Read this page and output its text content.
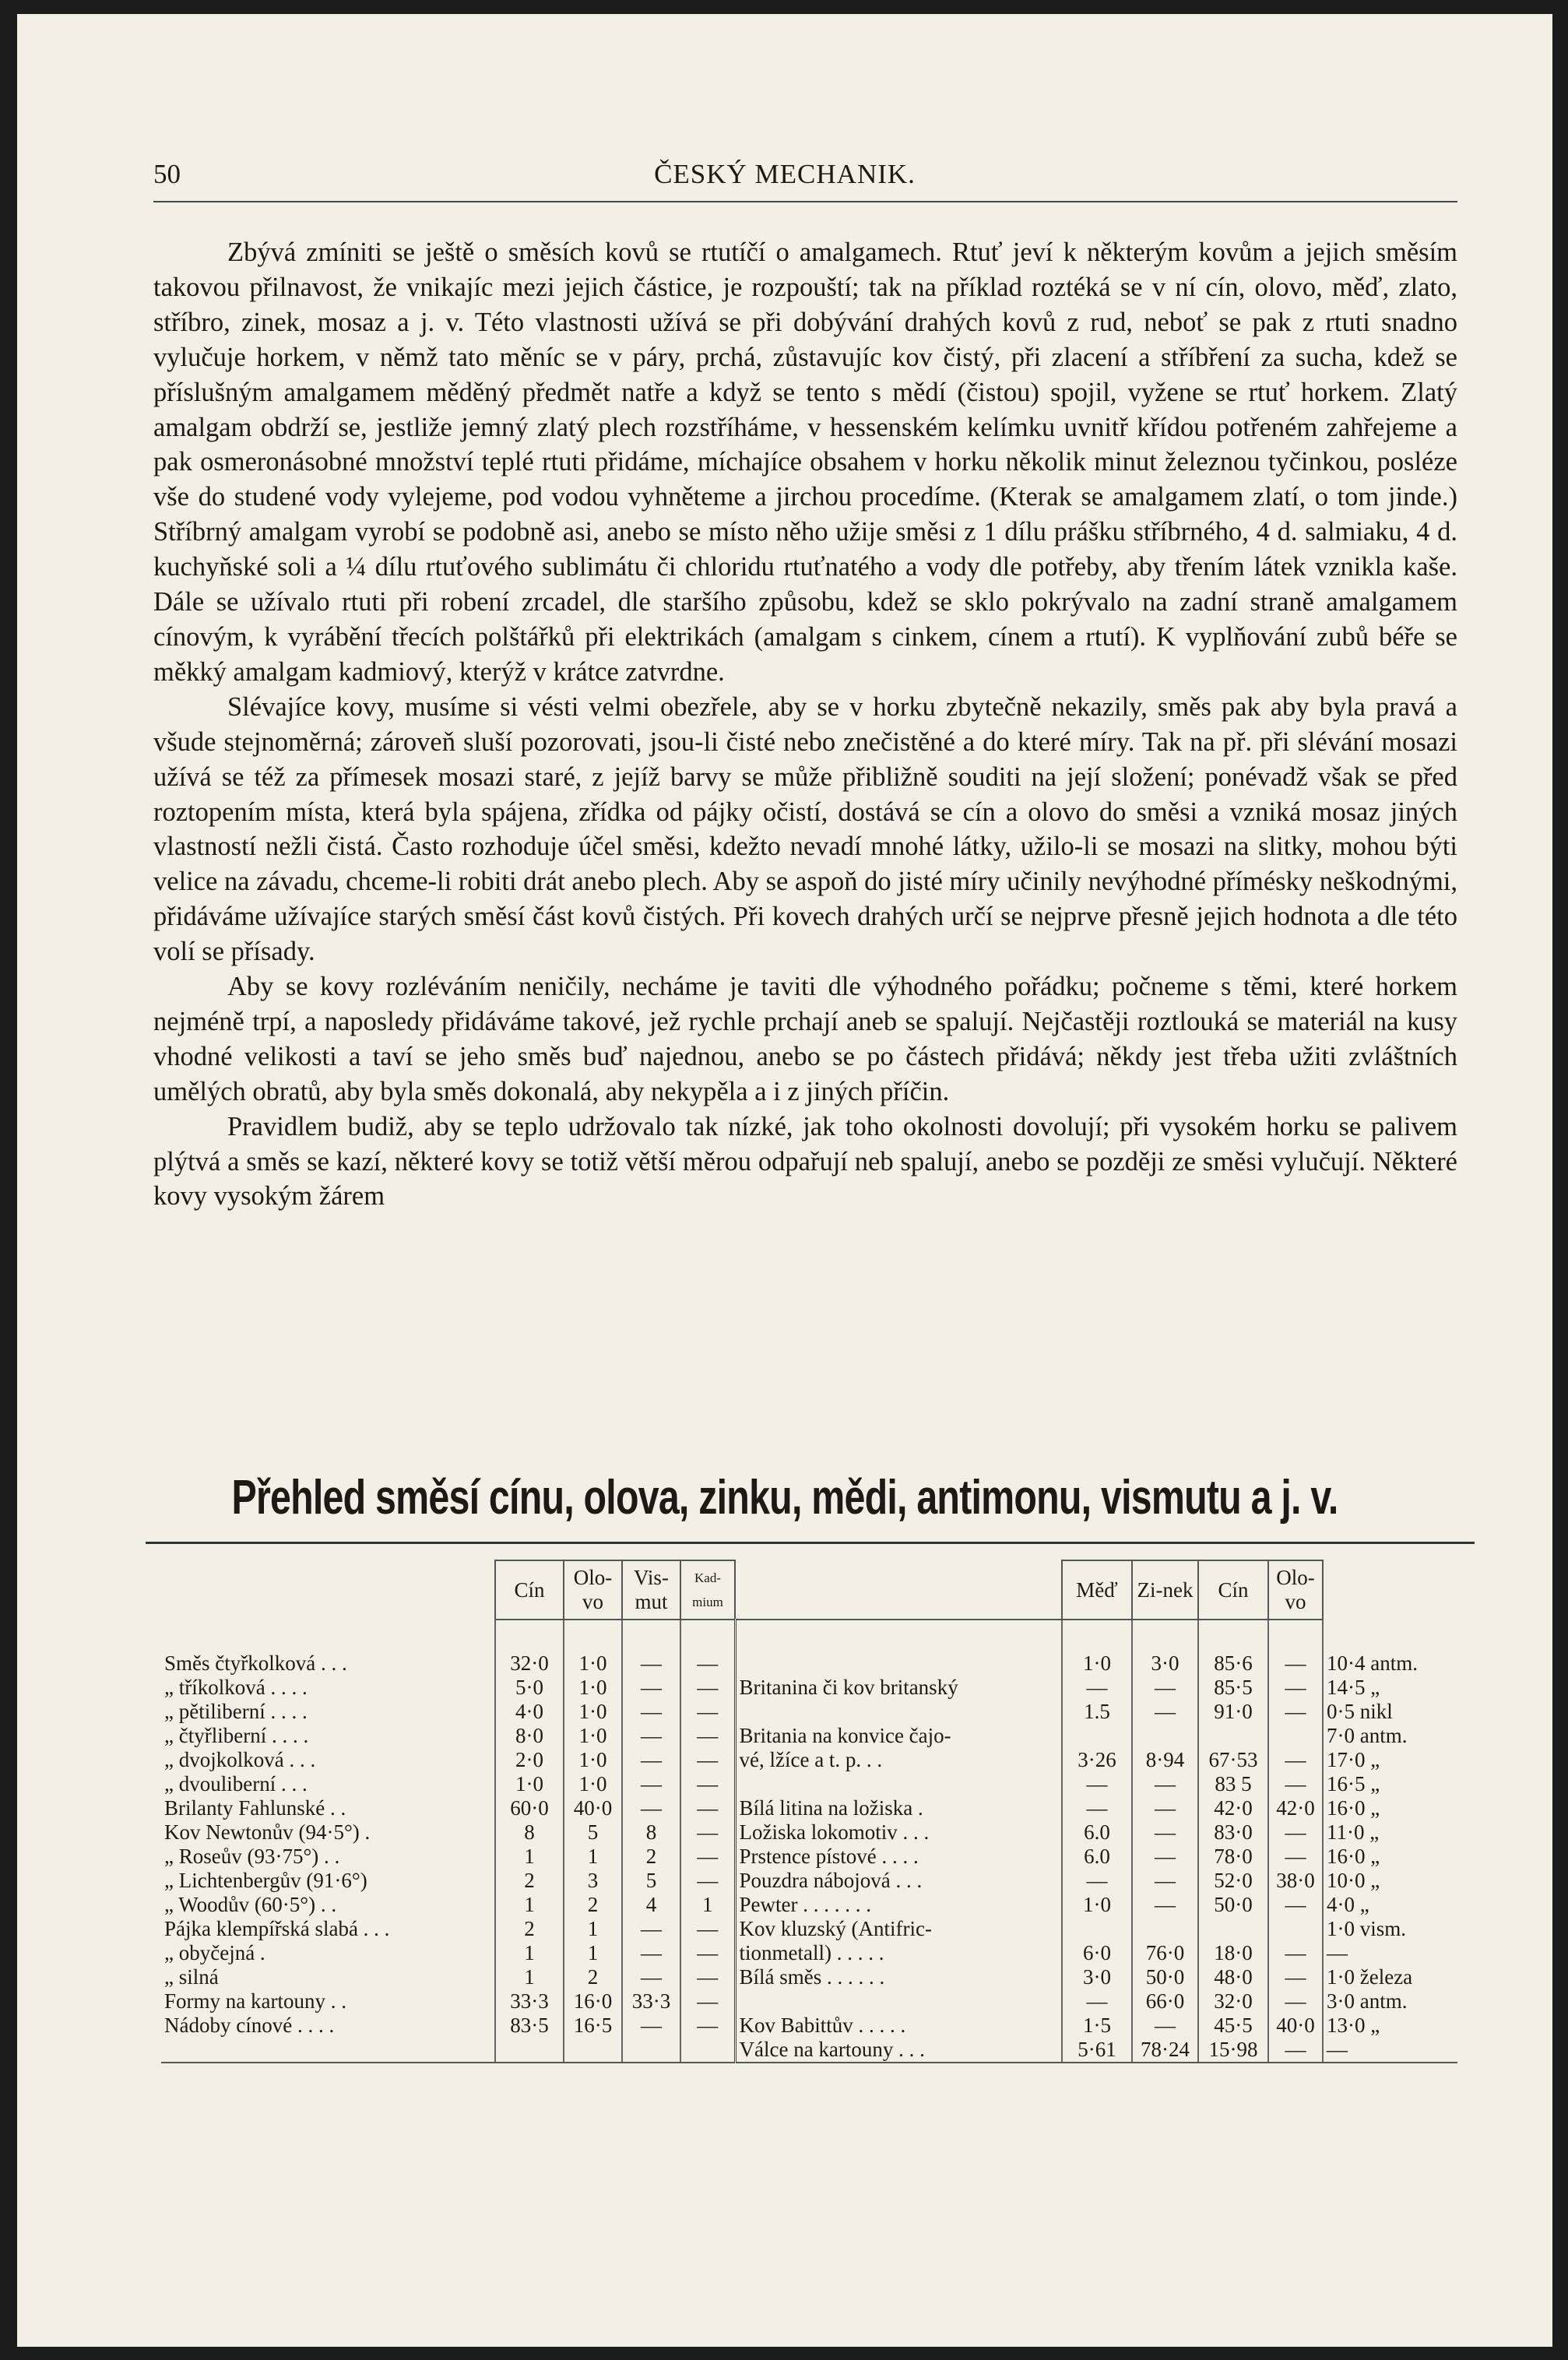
50	ČESKÝ MECHANIK.

Zbývá zmíniti se ještě o směsích kovů se rtutíčí o amalgamech. Rtuť jeví k některým kovům a jejich směsím takovou přilnavost, že vnikajíc mezi jejich částice, je rozpouští; tak na příklad roztéká se v ní cín, olovo, měď, zlato, stříbro, zinek, mosaz a j. v. Této vlastnosti užívá se při dobývání drahých kovů z rud, neboť se pak z rtuti snadno vylučuje horkem, v němž tato měníc se v páry, prchá, zůstavujíc kov čistý, při zlacení a stříbření za sucha, kdež se příslušným amalgamem měděný předmět natře a když se tento s mědí (čistou) spojil, vyžene se rtuť horkem. Zlatý amalgam obdrží se, jestliže jemný zlatý plech rozstříháme, v hessenském kelímku uvnitř křídou potřeném zahřejeme a pak osmeronásobné množství teplé rtuti přidáme, míchajíce obsahem v horku několik minut železnou tyčinkou, posléze vše do studené vody vylejeme, pod vodou vyhněteme a jirchou procedíme. (Kterak se amalgamem zlatí, o tom jinde.) Stříbrný amalgam vyrobí se podobně asi, anebo se místo něho užije směsi z 1 dílu prášku stříbrného, 4 d. salmiaku, 4 d. kuchyňské soli a ¼ dílu rtuťového sublimátu či chloridu rtuťnatého a vody dle potřeby, aby třením látek vznikla kaše. Dále se užívalo rtuti při robení zrcadel, dle staršího způsobu, kdež se sklo pokrývalo na zadní straně amalgamem cínovým, k vyrábění třecích polštářků při elektrikách (amalgam s cinkem, cínem a rtutí). K vyplňování zubů béře se měkký amalgam kadmiový, kterýž v krátce zatvrdne.

Slévajíce kovy, musíme si vésti velmi obezřele, aby se v horku zbytečně nekazily, směs pak aby byla pravá a všude stejnoměrná; zároveň sluší pozorovati, jsou-li čisté nebo znečistěné a do které míry. Tak na př. při slévání mosazi užívá se též za přímesek mosazi staré, z jejíž barvy se může přibližně souditi na její složení; ponévadž však se před roztopením místa, která byla spájena, zřídka od pájky očistí, dostává se cín a olovo do směsi a vzniká mosaz jiných vlastností nežli čistá. Často rozhoduje účel směsi, kdežto nevadí mnohé látky, užilo-li se mosazi na slitky, mohou býti velice na závadu, chceme-li robiti drát anebo plech. Aby se aspoň do jisté míry učinily nevýhodné přímésky neškodnými, přidáváme užívajíce starých směsí část kovů čistých. Při kovech drahých určí se nejprve přesně jejich hodnota a dle této volí se přísady.

Aby se kovy rozléváním neničily, necháme je taviti dle výhodného pořádku; počneme s těmi, které horkem nejméně trpí, a naposledy přidáváme takové, jež rychle prchají aneb se spalují. Nejčastěji roztlouká se materiál na kusy vhodné velikosti a taví se jeho směs buď najednou, anebo se po částech přidává; někdy jest třeba užiti zvláštních umělých obratů, aby byla směs dokonalá, aby nekypěla a i z jiných příčin.

Pravidlem budiž, aby se teplo udržovalo tak nízké, jak toho okolnosti dovolují; při vysokém horku se palivem plýtvá a směs se kazí, některé kovy se totiž větší měrou odpařují neb spalují, anebo se později ze směsi vylučují. Některé kovy vysokým žárem

Přehled směsí cínu, olova, zinku, mědi, antimonu, vismutu a j. v.
	Cín	Olo-vo	Vis-mut	Kad-mium		Měď	Zi-nek	Cín	Olo-vo	

Směs čtyřkolková . . .	32·0	1·0	—	—		1·0	3·0	85·6	—	10·4 antm.
„ tříkolková . . . .	5·0	1·0	—	—	Britanina či kov britanský	—	—	85·5	—	14·5 „
„ pětiliberní . . . .	4·0	1·0	—	—		1.5	—	91·0	—	0·5 nikl
„ čtyřliberní . . . .	8·0	1·0	—	—	Britania na konvice čajo-					7·0 antm.
„ dvojkolková . . .	2·0	1·0	—	—	vé, lžíce a t. p. . .	3·26	8·94	67·53	—	17·0 „
„ dvouliberní . . .	1·0	1·0	—	—		—	—	83 5	—	16·5 „
Brilanty Fahlunské . .	60·0	40·0	—	—	Bílá litina na ložiska .	—	—	42·0	42·0	16·0 „
Kov Newtonův (94·5°) .	8	5	8	—	Ložiska lokomotiv . . .	6.0	—	83·0	—	11·0 „
„ Roseův (93·75°) . .	1	1	2	—	Prstence pístové . . . .	6.0	—	78·0	—	16·0 „
„ Lichtenbergův (91·6°)	2	3	5	—	Pouzdra nábojová . . .	—	—	52·0	38·0	10·0 „
„ Woodův (60·5°) . .	1	2	4	1	Pewter . . . . . . .	1·0	—	50·0	—	4·0 „
Pájka klempířská slabá . . .	2	1	—	—	Kov kluzský (Antifric-					1·0 vism.
„ obyčejná .	1	1	—	—	tionmetall) . . . . .	6·0	76·0	18·0	—	—
„ silná	1	2	—	—	Bílá směs . . . . . .	3·0	50·0	48·0	—	1·0 železa
Formy na kartouny . .	33·3	16·0	33·3	—		—	66·0	32·0	—	3·0 antm.
Nádoby cínové . . . .	83·5	16·5	—	—	Kov Babittův . . . . .	1·5	—	45·5	40·0	13·0 „
					Válce na kartouny . . .	5·61	78·24	15·98	—	—
